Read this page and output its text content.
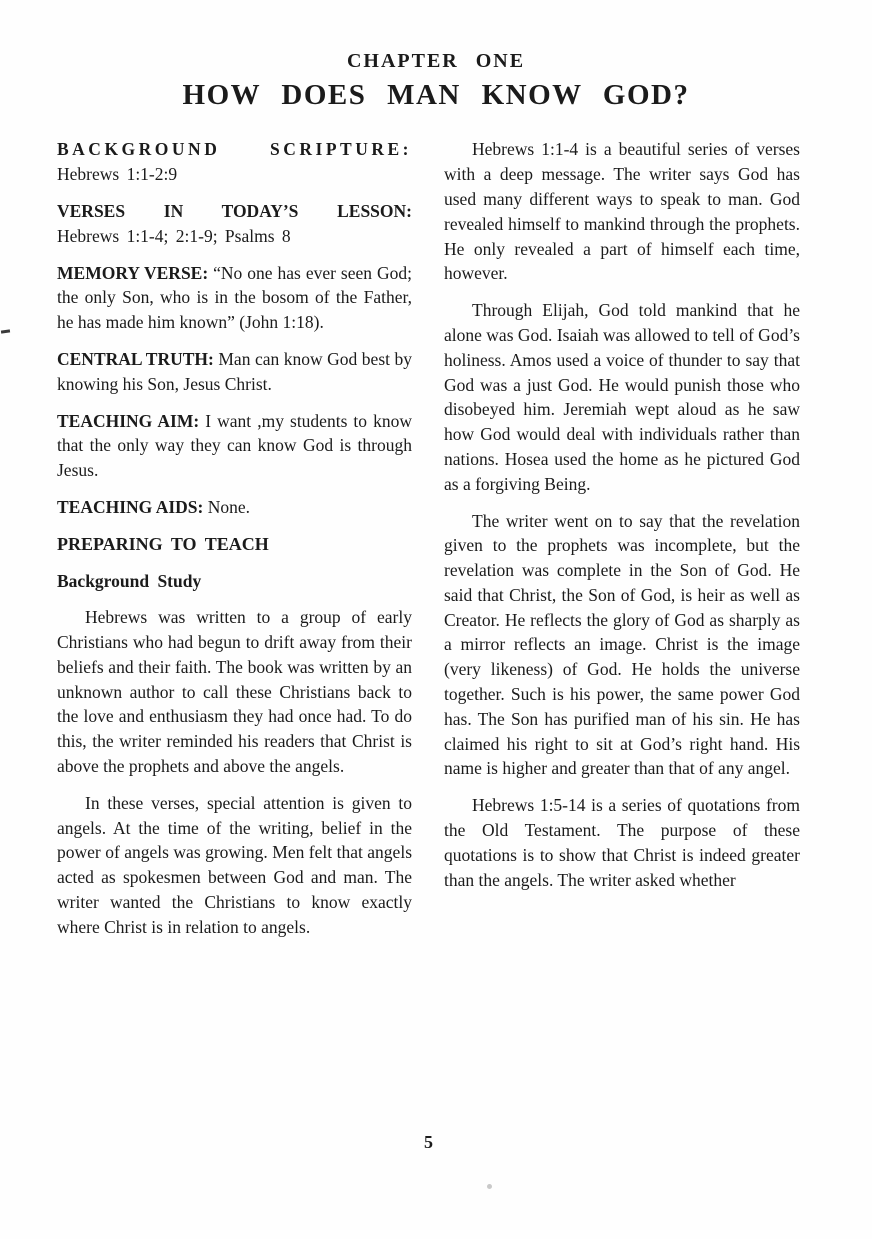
CHAPTER ONE
HOW DOES MAN KNOW GOD?

BACKGROUND SCRIPTURE:

Hebrews 1:1-2:9

VERSES IN TODAY’S LESSON:

Hebrews 1:1-4; 2:1-9; Psalms 8

MEMORY VERSE: “No one has ever seen God; the only Son, who is in the bosom of the Father, he has made him known” (John 1:18).

CENTRAL TRUTH: Man can know God best by knowing his Son, Jesus Christ.

TEACHING AIM: I want ,my students to know that the only way they can know God is through Jesus.

TEACHING AIDS: None.

PREPARING TO TEACH

Background Study

Hebrews was written to a group of early Christians who had begun to drift away from their beliefs and their faith. The book was written by an unknown author to call these Christians back to the love and enthusiasm they had once had. To do this, the writer reminded his readers that Christ is above the prophets and above the angels.

In these verses, special attention is given to angels. At the time of the writing, belief in the power of angels was growing. Men felt that angels acted as spokesmen between God and man. The writer wanted the Christians to know exactly where Christ is in relation to angels.

Hebrews 1:1-4 is a beautiful series of verses with a deep message. The writer says God has used many different ways to speak to man. God revealed himself to mankind through the prophets. He only revealed a part of himself each time, however.

Through Elijah, God told mankind that he alone was God. Isaiah was allowed to tell of God’s holiness. Amos used a voice of thunder to say that God was a just God. He would punish those who disobeyed him. Jeremiah wept aloud as he saw how God would deal with individuals rather than nations. Hosea used the home as he pictured God as a forgiving Being.

The writer went on to say that the revelation given to the prophets was incomplete, but the revelation was complete in the Son of God. He said that Christ, the Son of God, is heir as well as Creator. He reflects the glory of God as sharply as a mirror reflects an image. Christ is the image (very likeness) of God. He holds the universe together. Such is his power, the same power God has. The Son has purified man of his sin. He has claimed his right to sit at God’s right hand. His name is higher and greater than that of any angel.

Hebrews 1:5-14 is a series of quotations from the Old Testament. The purpose of these quotations is to show that Christ is indeed greater than the angels. The writer asked whether

5
